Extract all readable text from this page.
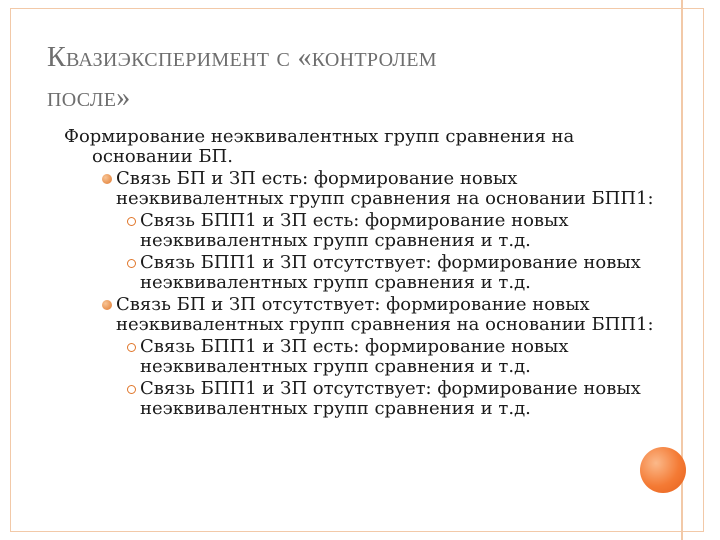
Квазиэксперимент с «контролем
после»

Формирование неэквивалентных групп сравнения на основании БП.

Связь БП и ЗП есть: формирование новых неэквивалентных групп сравнения на основании БПП1:
Связь БПП1 и ЗП есть: формирование новых неэквивалентных групп сравнения и т.д.
Связь БПП1 и ЗП отсутствует: формирование новых неэквивалентных групп сравнения и т.д.
Связь БП и ЗП отсутствует: формирование новых неэквивалентных групп сравнения на основании БПП1:
Связь БПП1 и ЗП есть: формирование новых неэквивалентных групп сравнения и т.д.
Связь БПП1 и ЗП отсутствует: формирование новых неэквивалентных групп сравнения и т.д.
